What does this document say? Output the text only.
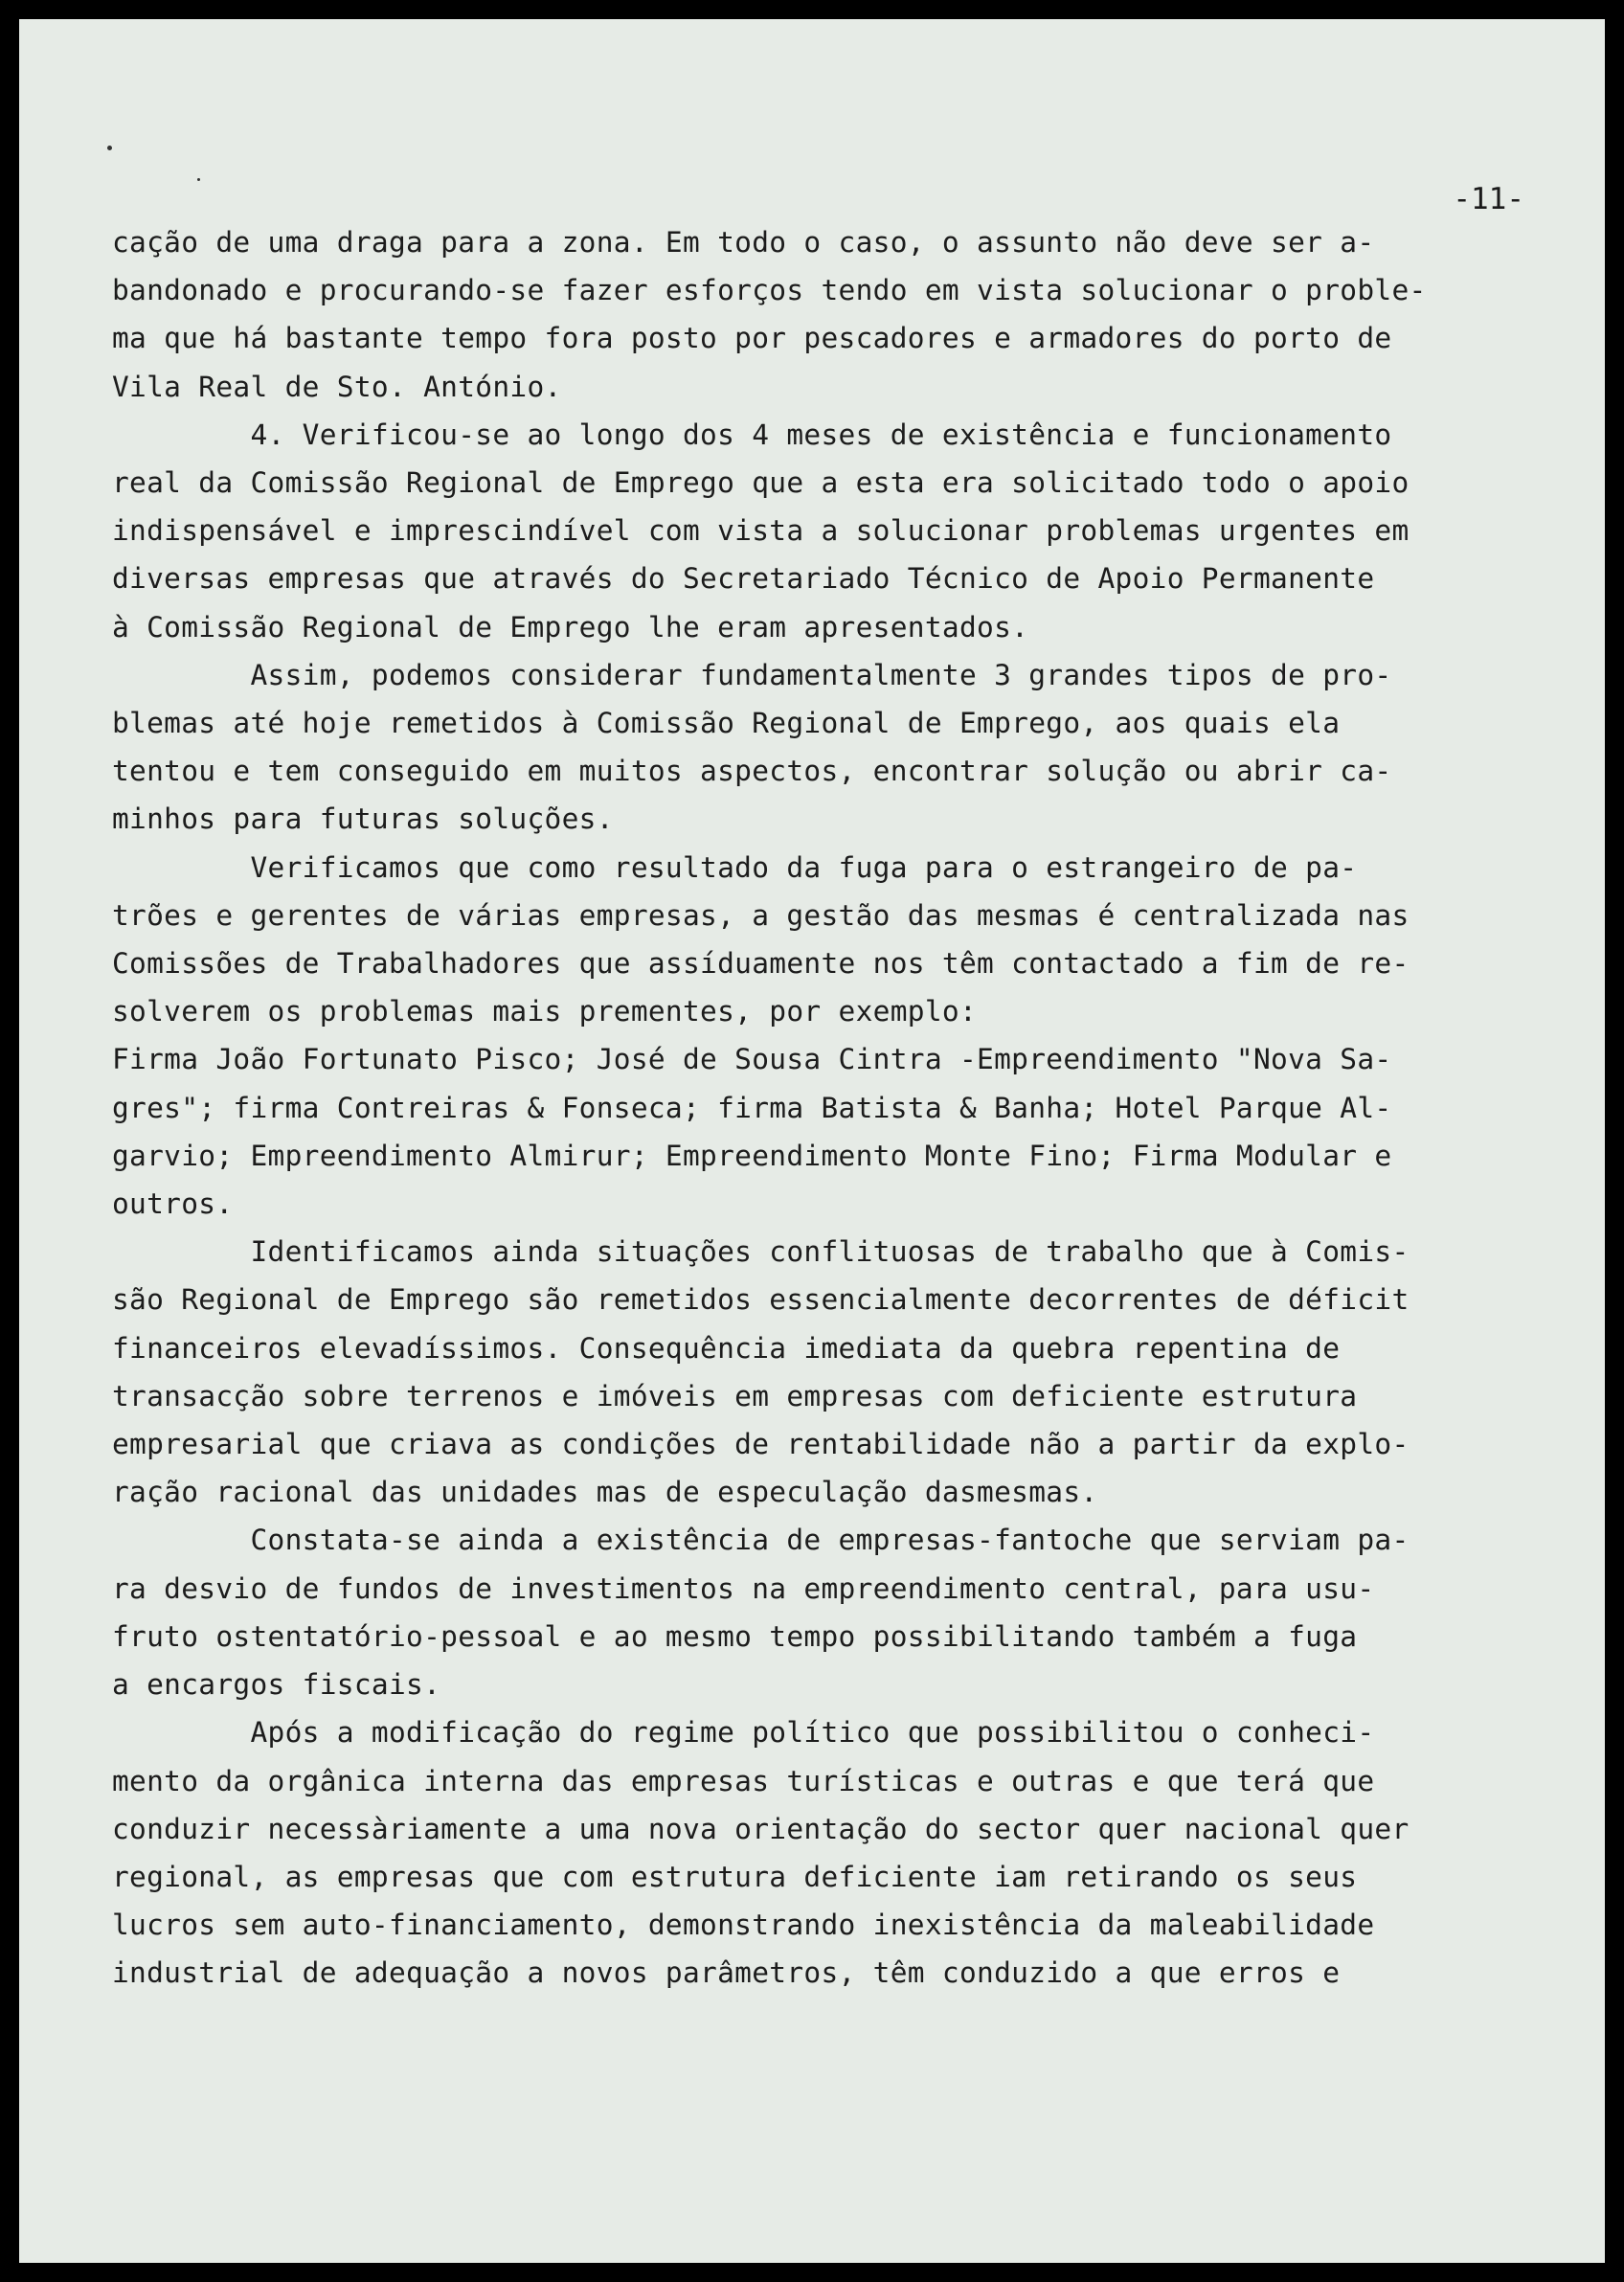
-11-

cação de uma draga para a zona. Em todo o caso, o assunto não deve ser a-

bandonado e procurando-se fazer esforços tendo em vista solucionar o proble-

ma que há bastante tempo fora posto por pescadores e armadores do porto de

Vila Real de Sto. António.

4. Verificou-se ao longo dos 4 meses de existência e funcionamento

real da Comissão Regional de Emprego que a esta era solicitado todo o apoio

indispensável e imprescindível com vista a solucionar problemas urgentes em

diversas empresas que através do Secretariado Técnico de Apoio Permanente

à Comissão Regional de Emprego lhe eram apresentados.

Assim, podemos considerar fundamentalmente 3 grandes tipos de pro-

blemas até hoje remetidos à Comissão Regional de Emprego, aos quais ela

tentou e tem conseguido em muitos aspectos, encontrar solução ou abrir ca-

minhos para futuras soluções.

Verificamos que como resultado da fuga para o estrangeiro de pa-

trões e gerentes de várias empresas, a gestão das mesmas é centralizada nas

Comissões de Trabalhadores que assíduamente nos têm contactado a fim de re-

solverem os problemas mais prementes, por exemplo:

Firma João Fortunato Pisco; José de Sousa Cintra -Empreendimento "Nova Sa-

gres"; firma Contreiras & Fonseca; firma Batista & Banha; Hotel Parque Al-

garvio; Empreendimento Almirur; Empreendimento Monte Fino; Firma Modular e

outros.

Identificamos ainda situações conflituosas de trabalho que à Comis-

são Regional de Emprego são remetidos essencialmente decorrentes de déficit

financeiros elevadíssimos. Consequência imediata da quebra repentina de

transacção sobre terrenos e imóveis em empresas com deficiente estrutura

empresarial que criava as condições de rentabilidade não a partir da explo-

ração racional das unidades mas de especulação dasmesmas.

Constata-se ainda a existência de empresas-fantoche que serviam pa-

ra desvio de fundos de investimentos na empreendimento central, para usu-

fruto ostentatório-pessoal e ao mesmo tempo possibilitando também a fuga

a encargos fiscais.

Após a modificação do regime político que possibilitou o conheci-

mento da orgânica interna das empresas turísticas e outras e que terá que

conduzir necessàriamente a uma nova orientação do sector quer nacional quer

regional, as empresas que com estrutura deficiente iam retirando os seus

lucros sem auto-financiamento, demonstrando inexistência da maleabilidade

industrial de adequação a novos parâmetros, têm conduzido a que erros e
